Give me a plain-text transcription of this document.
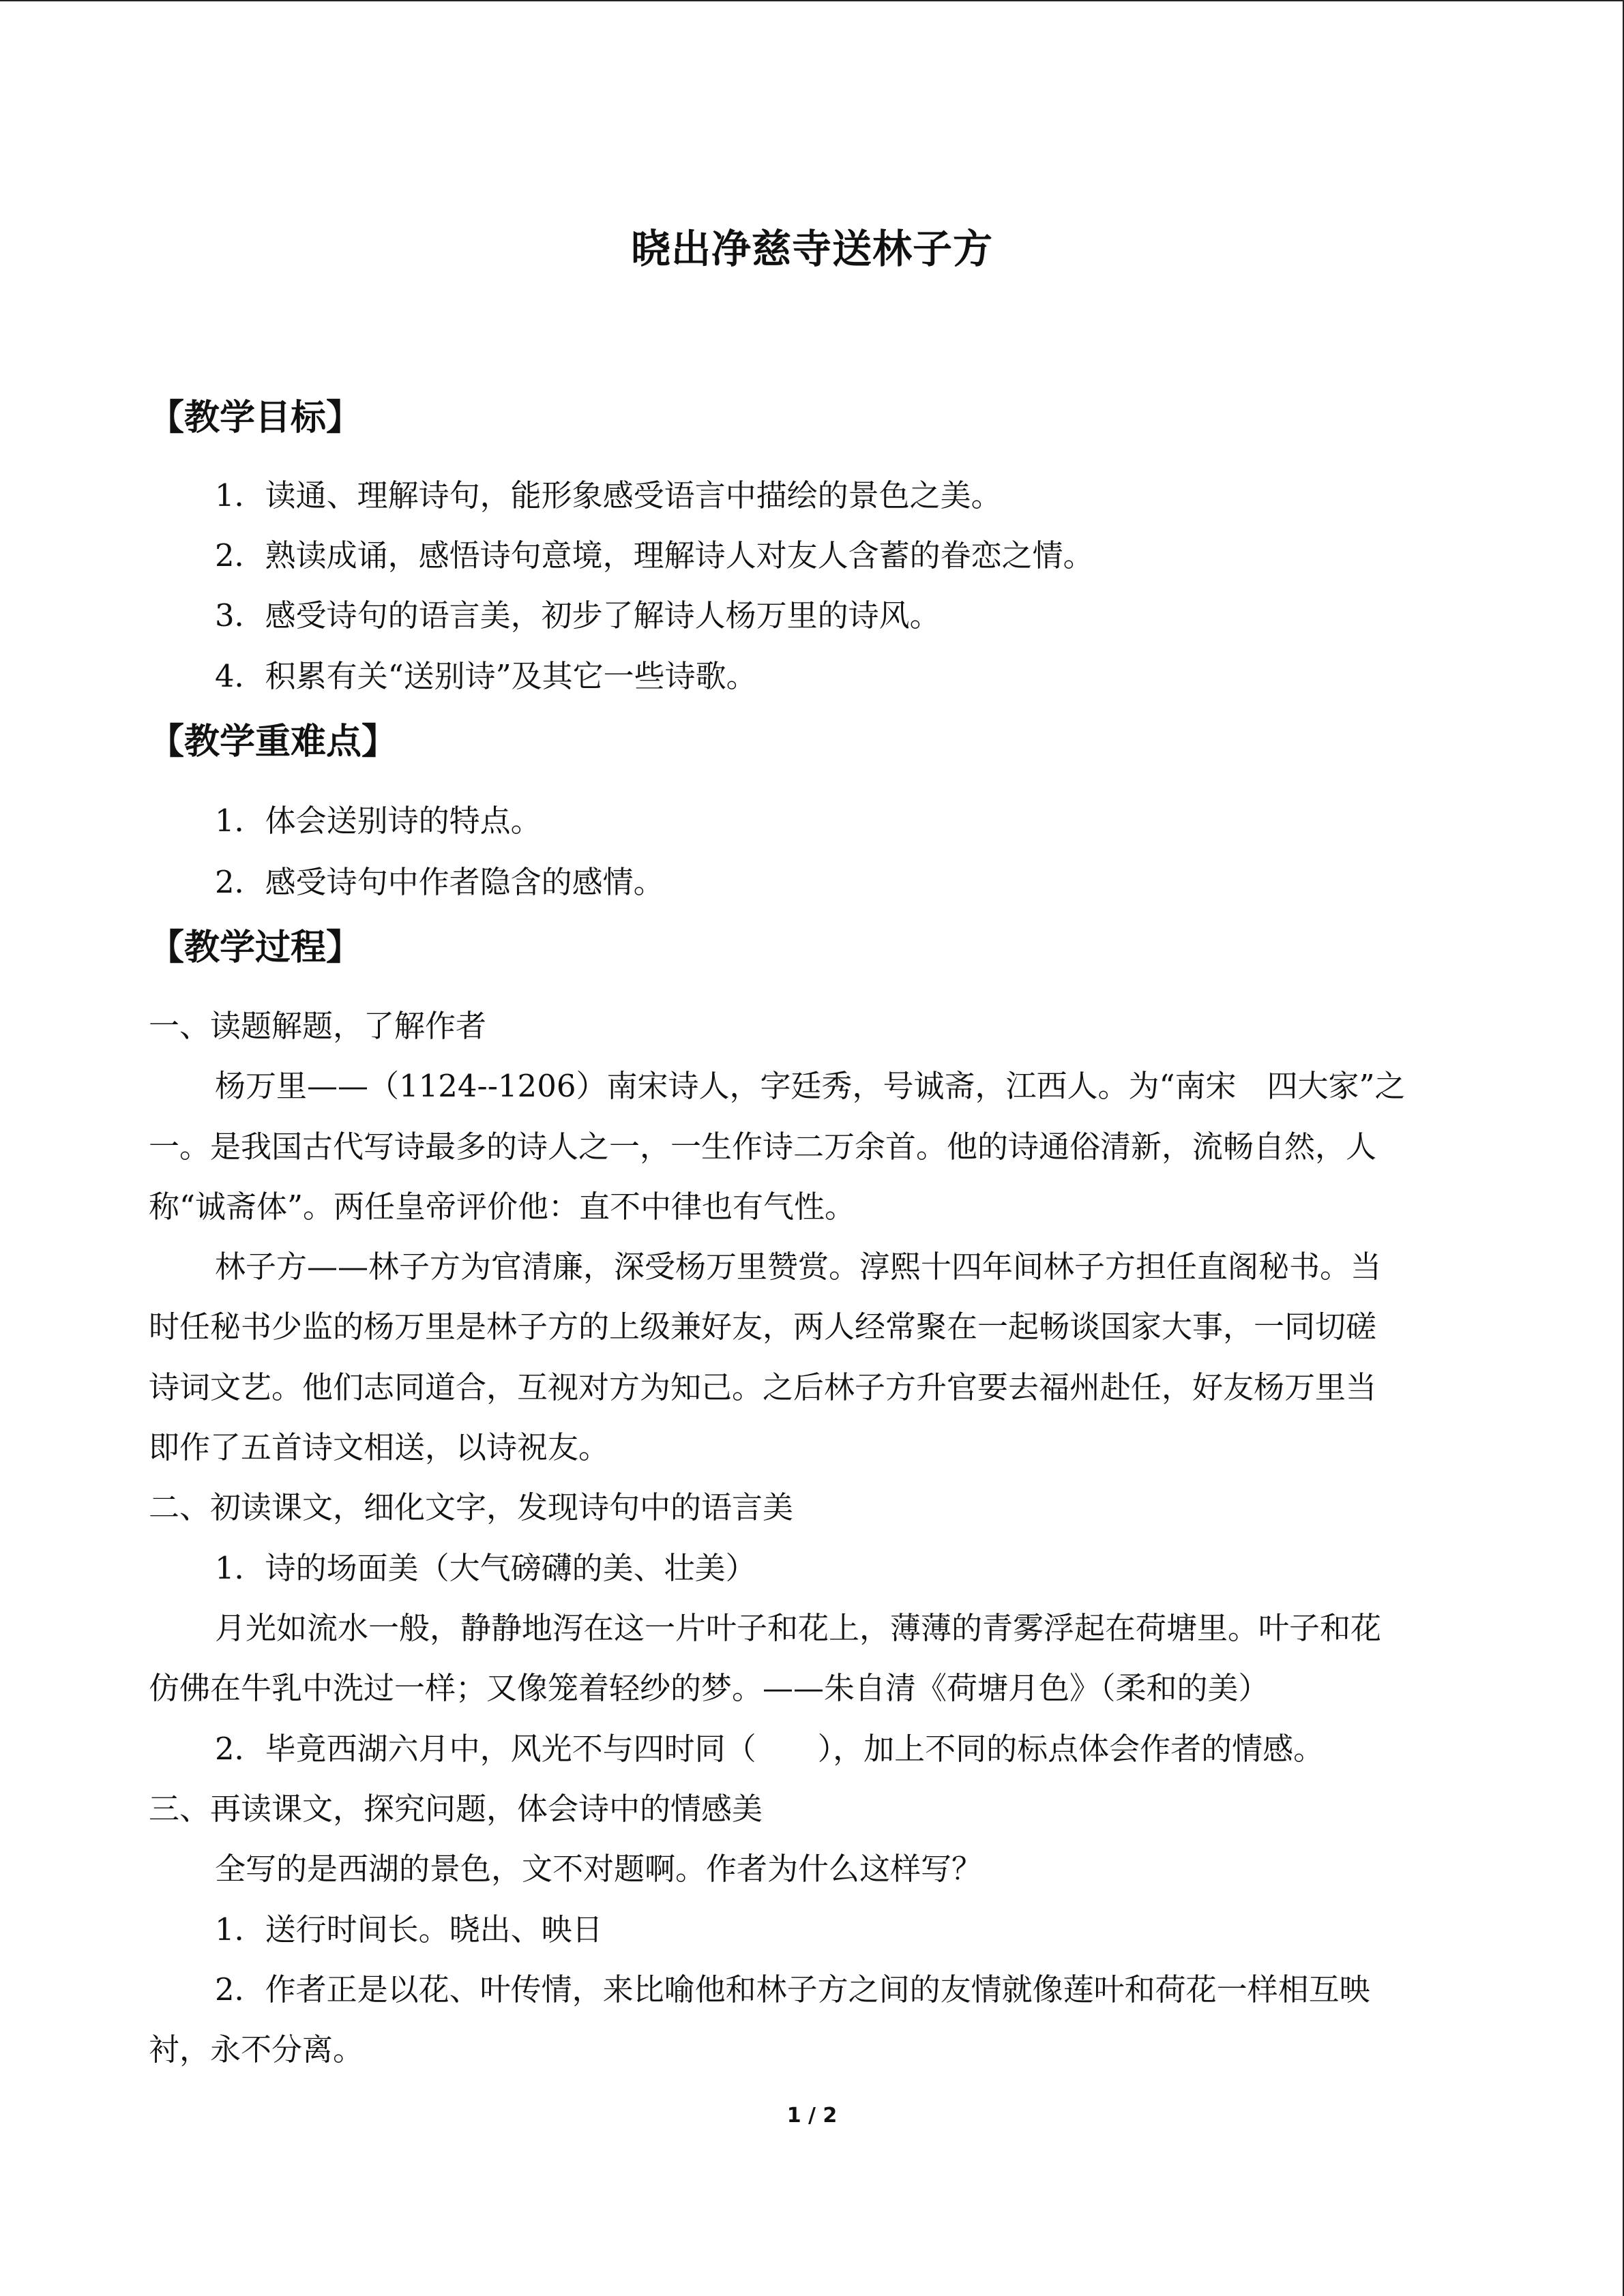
晓出净慈寺送林子方
【教学目标】
1．读通、理解诗句，能形象感受语言中描绘的景色之美。
2．熟读成诵，感悟诗句意境，理解诗人对友人含蓄的眷恋之情。
3．感受诗句的语言美，初步了解诗人杨万里的诗风。
4．积累有关“送别诗”及其它一些诗歌。
【教学重难点】
1．体会送别诗的特点。
2．感受诗句中作者隐含的感情。
【教学过程】
一、读题解题，了解作者
杨万里——（1124--1206）南宋诗人，字廷秀，号诚斋，江西人。为“南宋　四大家”之
一。是我国古代写诗最多的诗人之一，一生作诗二万余首。他的诗通俗清新，流畅自然，人
称“诚斋体”。两任皇帝评价他：直不中律也有气性。
林子方——林子方为官清廉，深受杨万里赞赏。淳熙十四年间林子方担任直阁秘书。当
时任秘书少监的杨万里是林子方的上级兼好友，两人经常聚在一起畅谈国家大事，一同切磋
诗词文艺。他们志同道合，互视对方为知己。之后林子方升官要去福州赴任，好友杨万里当
即作了五首诗文相送，以诗祝友。
二、初读课文，细化文字，发现诗句中的语言美
1．诗的场面美（大气磅礴的美、壮美）
月光如流水一般，静静地泻在这一片叶子和花上，薄薄的青雾浮起在荷塘里。叶子和花
仿佛在牛乳中洗过一样；又像笼着轻纱的梦。——朱自清《荷塘月色》（柔和的美）
2．毕竟西湖六月中，风光不与四时同（　　），加上不同的标点体会作者的情感。
三、再读课文，探究问题，体会诗中的情感美
全写的是西湖的景色，文不对题啊。作者为什么这样写？
1．送行时间长。晓出、映日
2．作者正是以花、叶传情，来比喻他和林子方之间的友情就像莲叶和荷花一样相互映
衬，永不分离。
1 / 2
